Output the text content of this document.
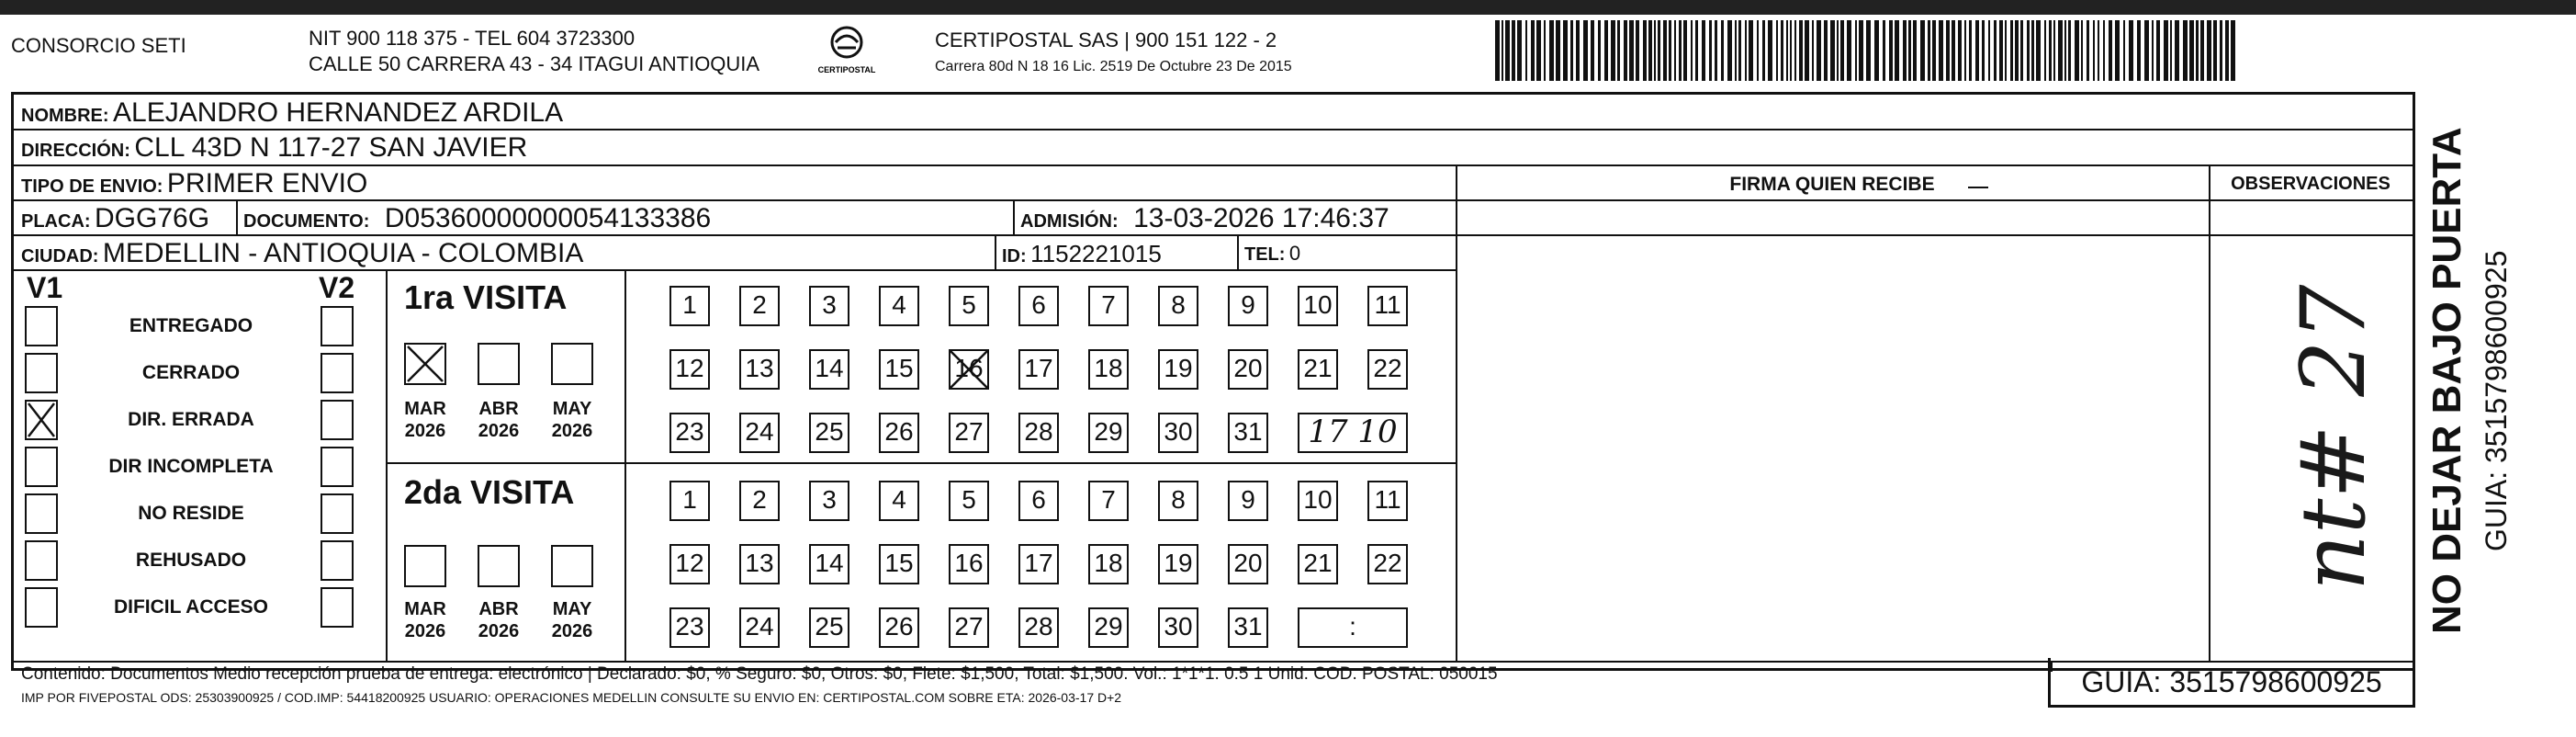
CONSORCIO SETI	NIT 900 118 375 - TEL 604 3723300
CALLE 50 CARRERA 43 - 34 ITAGUI ANTIOQUIA	CERTIPOSTAL
CERTIPOSTAL SAS | 900 151 122 - 2
Carrera 80d N 18 16 Lic. 2519 De Octubre 23 De 2015
NOMBRE: ALEJANDRO HERNANDEZ ARDILA
DIRECCIÓN: CLL 43D N 117-27 SAN JAVIER
TIPO DE ENVIO: PRIMER ENVIO
PLACA: DGG76G DOCUMENTO: D05360000000054133386	ADMISIÓN: 13-03-2026 17:46:37
CIUDAD: MEDELLIN - ANTIOQUIA - COLOMBIA	ID: 1152221015	TEL: 0
FIRMA QUIEN RECIBE	OBSERVACIONES
nt# 27
V1	V2
ENTREGADO
CERRADO
DIR. ERRADA
DIR INCOMPLETA
NO RESIDE
REHUSADO
DIFICIL ACCESO
1ra VISITA
2da VISITA
MAR
2026
ABR
2026
MAY
2026
MAR
2026
ABR
2026
MAY
2026
1	2	3	4	5	6	7	8	9	10 11
12 13 14 15 16 17 18 19 20 21 22
23 24 25 26 27 28 29 30 31	17 10
1	2	3	4	5	6	7	8	9	10 11
12 13 14 15 16 17 18 19 20 21 22
23 24 25 26 27 28 29 30 31	:
Contenido: Documentos Medio recepción prueba de entrega: electrónico | Declarado: $0, % Seguro: $0, Otros: $0, Flete: $1,500, Total: $1,500. Vol.: 1*1*1. 0.5 1 Unid. COD. POSTAL: 050015
IMP POR FIVEPOSTAL ODS: 25303900925 / COD.IMP: 54418200925 USUARIO: OPERACIONES MEDELLIN CONSULTE SU ENVIO EN: CERTIPOSTAL.COM SOBRE ETA: 2026-03-17 D+2	GUIA: 3515798600925
NO DEJAR BAJO PUERTA GUIA: 3515798600925
